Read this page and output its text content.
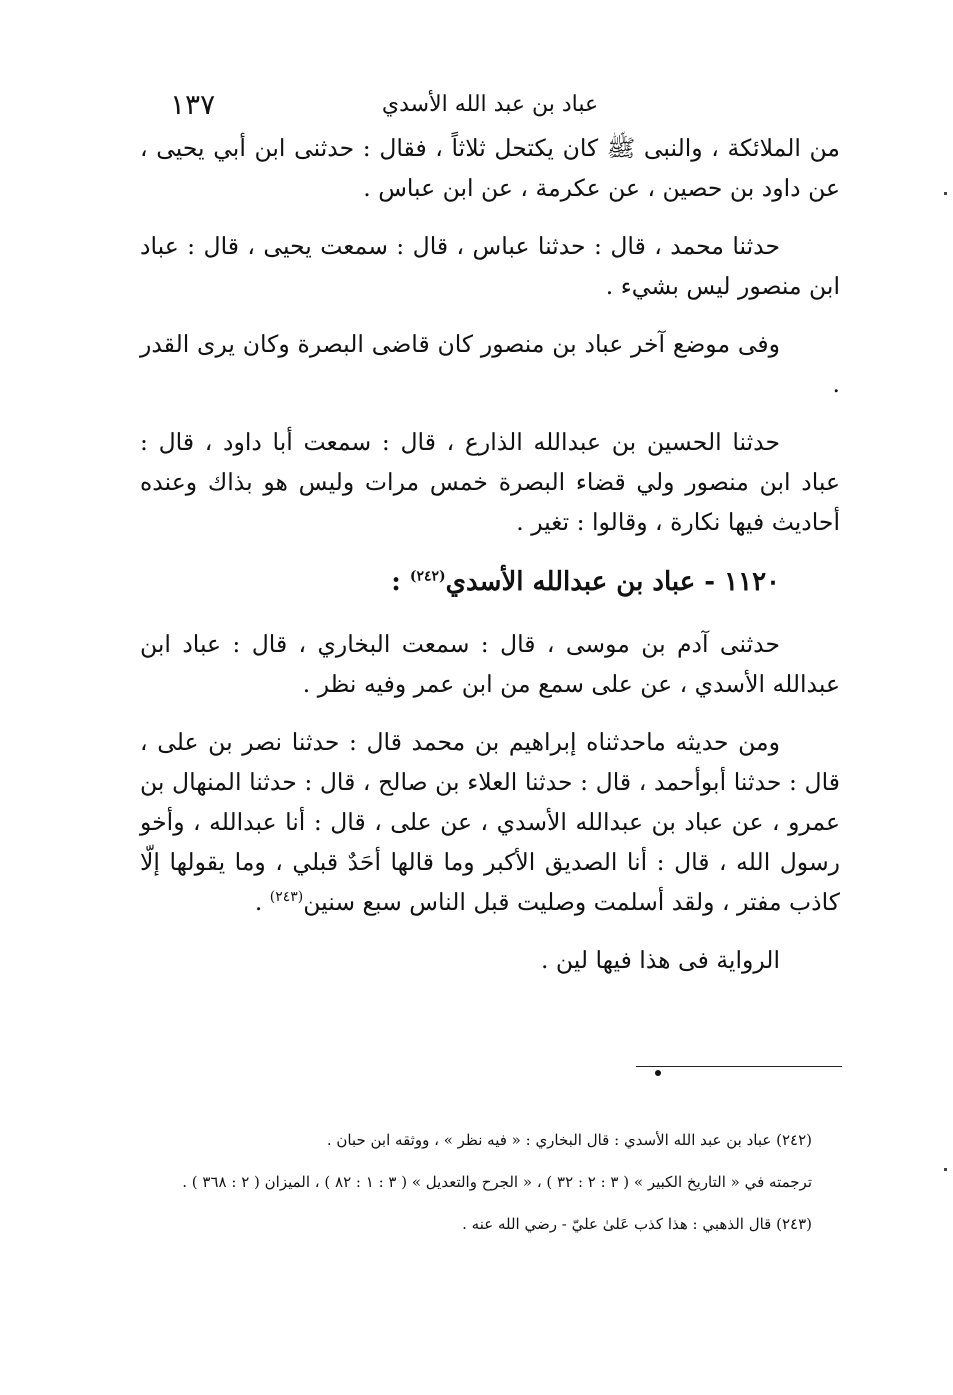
عباد بن عبد الله الأسدي
١٣٧

من الملائكة ، والنبى ﷺ كان يكتحل ثلاثاً ، فقال : حدثنى ابن أبي يحيى ، عن داود بن حصين ، عن عكرمة ، عن ابن عباس .

حدثنا محمد ، قال : حدثنا عباس ، قال : سمعت يحيى ، قال : عباد ابن منصور ليس بشيء .

وفى موضع آخر عباد بن منصور كان قاضى البصرة وكان يرى القدر .

حدثنا الحسين بن عبدالله الذارع ، قال : سمعت أبا داود ، قال : عباد ابن منصور ولي قضاء البصرة خمس مرات وليس هو بذاك وعنده أحاديث فيها نكارة ، وقالوا : تغير .

١١٢٠ - عباد بن عبدالله الأسدي$^{(٢٤٢)}$ :

حدثنى آدم بن موسى ، قال : سمعت البخاري ، قال : عباد ابن عبدالله الأسدي ، عن على سمع من ابن عمر وفيه نظر .

ومن حديثه ماحدثناه إبراهيم بن محمد قال : حدثنا نصر بن على ، قال : حدثنا أبوأحمد ، قال : حدثنا العلاء بن صالح ، قال : حدثنا المنهال بن عمرو ، عن عباد بن عبدالله الأسدي ، عن على ، قال : أنا عبدالله ، وأخو رسول الله ، قال : أنا الصديق الأكبر وما قالها أحَدٌ قبلي ، وما يقولها إلّا كاذب مفتر ، ولقد أسلمت وصليت قبل الناس سبع سنين$^{(٢٤٣)}$ .

الرواية فى هذا فيها لين .

(٢٤٢) عباد بن عبد الله الأسدي : قال البخاري : « فيه نظر » ، ووثقه ابن حبان .

ترجمته في « التاريخ الكبير » ( ٣ : ٢ : ٣٢ ) ، « الجرح والتعديل » ( ٣ : ١ : ٨٢ ) ، الميزان ( ٢ : ٣٦٨ ) .

(٢٤٣) قال الذهبي : هذا كذب عَلىٰ عليّ - رضي الله عنه .
